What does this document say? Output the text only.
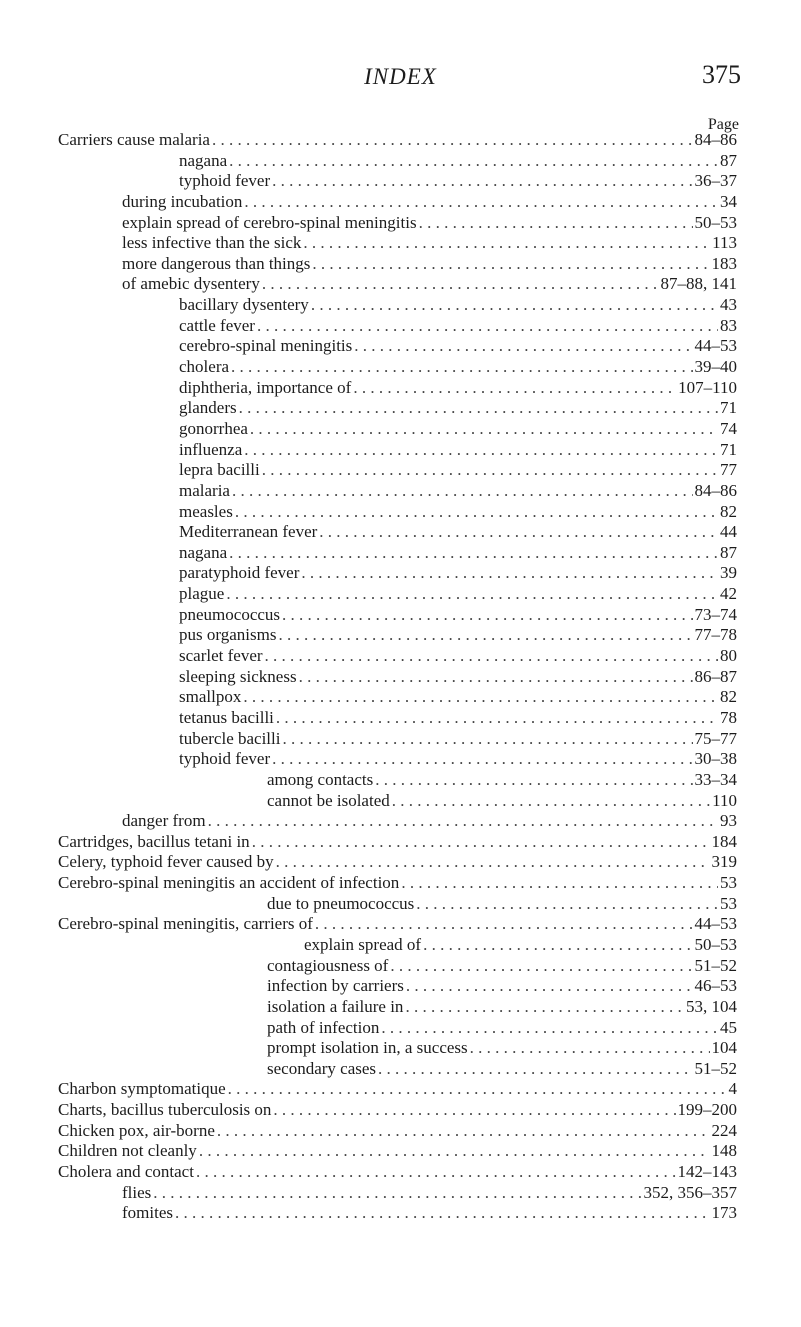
INDEX	375
Page
Carriers cause malaria . . .	84–86
nagana . . .	87
typhoid fever . . .	36–37
during incubation . . .	34
explain spread of cerebro-spinal meningitis . . .	50–53
less infective than the sick . . .	113
more dangerous than things . . .	183
of amebic dysentery . . .	87–88, 141
bacillary dysentery . . .	43
cattle fever . . .	83
cerebro-spinal meningitis . . .	44–53
cholera . . .	39–40
diphtheria, importance of . . .	107–110
glanders . . .	71
gonorrhea . . .	74
influenza . . .	71
lepra bacilli . . .	77
malaria . . .	84–86
measles . . .	82
Mediterranean fever . . .	44
nagana . . .	87
paratyphoid fever . . .	39
plague . . .	42
pneumococcus . . .	73–74
pus organisms . . .	77–78
scarlet fever . . .	80
sleeping sickness . . .	86–87
smallpox . . .	82
tetanus bacilli . . .	78
tubercle bacilli . . .	75–77
typhoid fever . . .	30–38
among contacts . . .	33–34
cannot be isolated . . .	110
danger from . . .	93
Cartridges, bacillus tetani in . . .	184
Celery, typhoid fever caused by . . .	319
Cerebro-spinal meningitis an accident of infection . . .	53
due to pneumococcus . . .	53
Cerebro-spinal meningitis, carriers of . . .	44–53
explain spread of . . .	50–53
contagiousness of . . .	51–52
infection by carriers . . .	46–53
isolation a failure in . . .	53, 104
path of infection . . .	45
prompt isolation in, a success . . .	104
secondary cases . . .	51–52
Charbon symptomatique . . .	4
Charts, bacillus tuberculosis on . . .	199–200
Chicken pox, air-borne . . .	224
Children not cleanly . . .	148
Cholera and contact . . .	142–143
flies . . .	352, 356–357
fomites . . .	173
